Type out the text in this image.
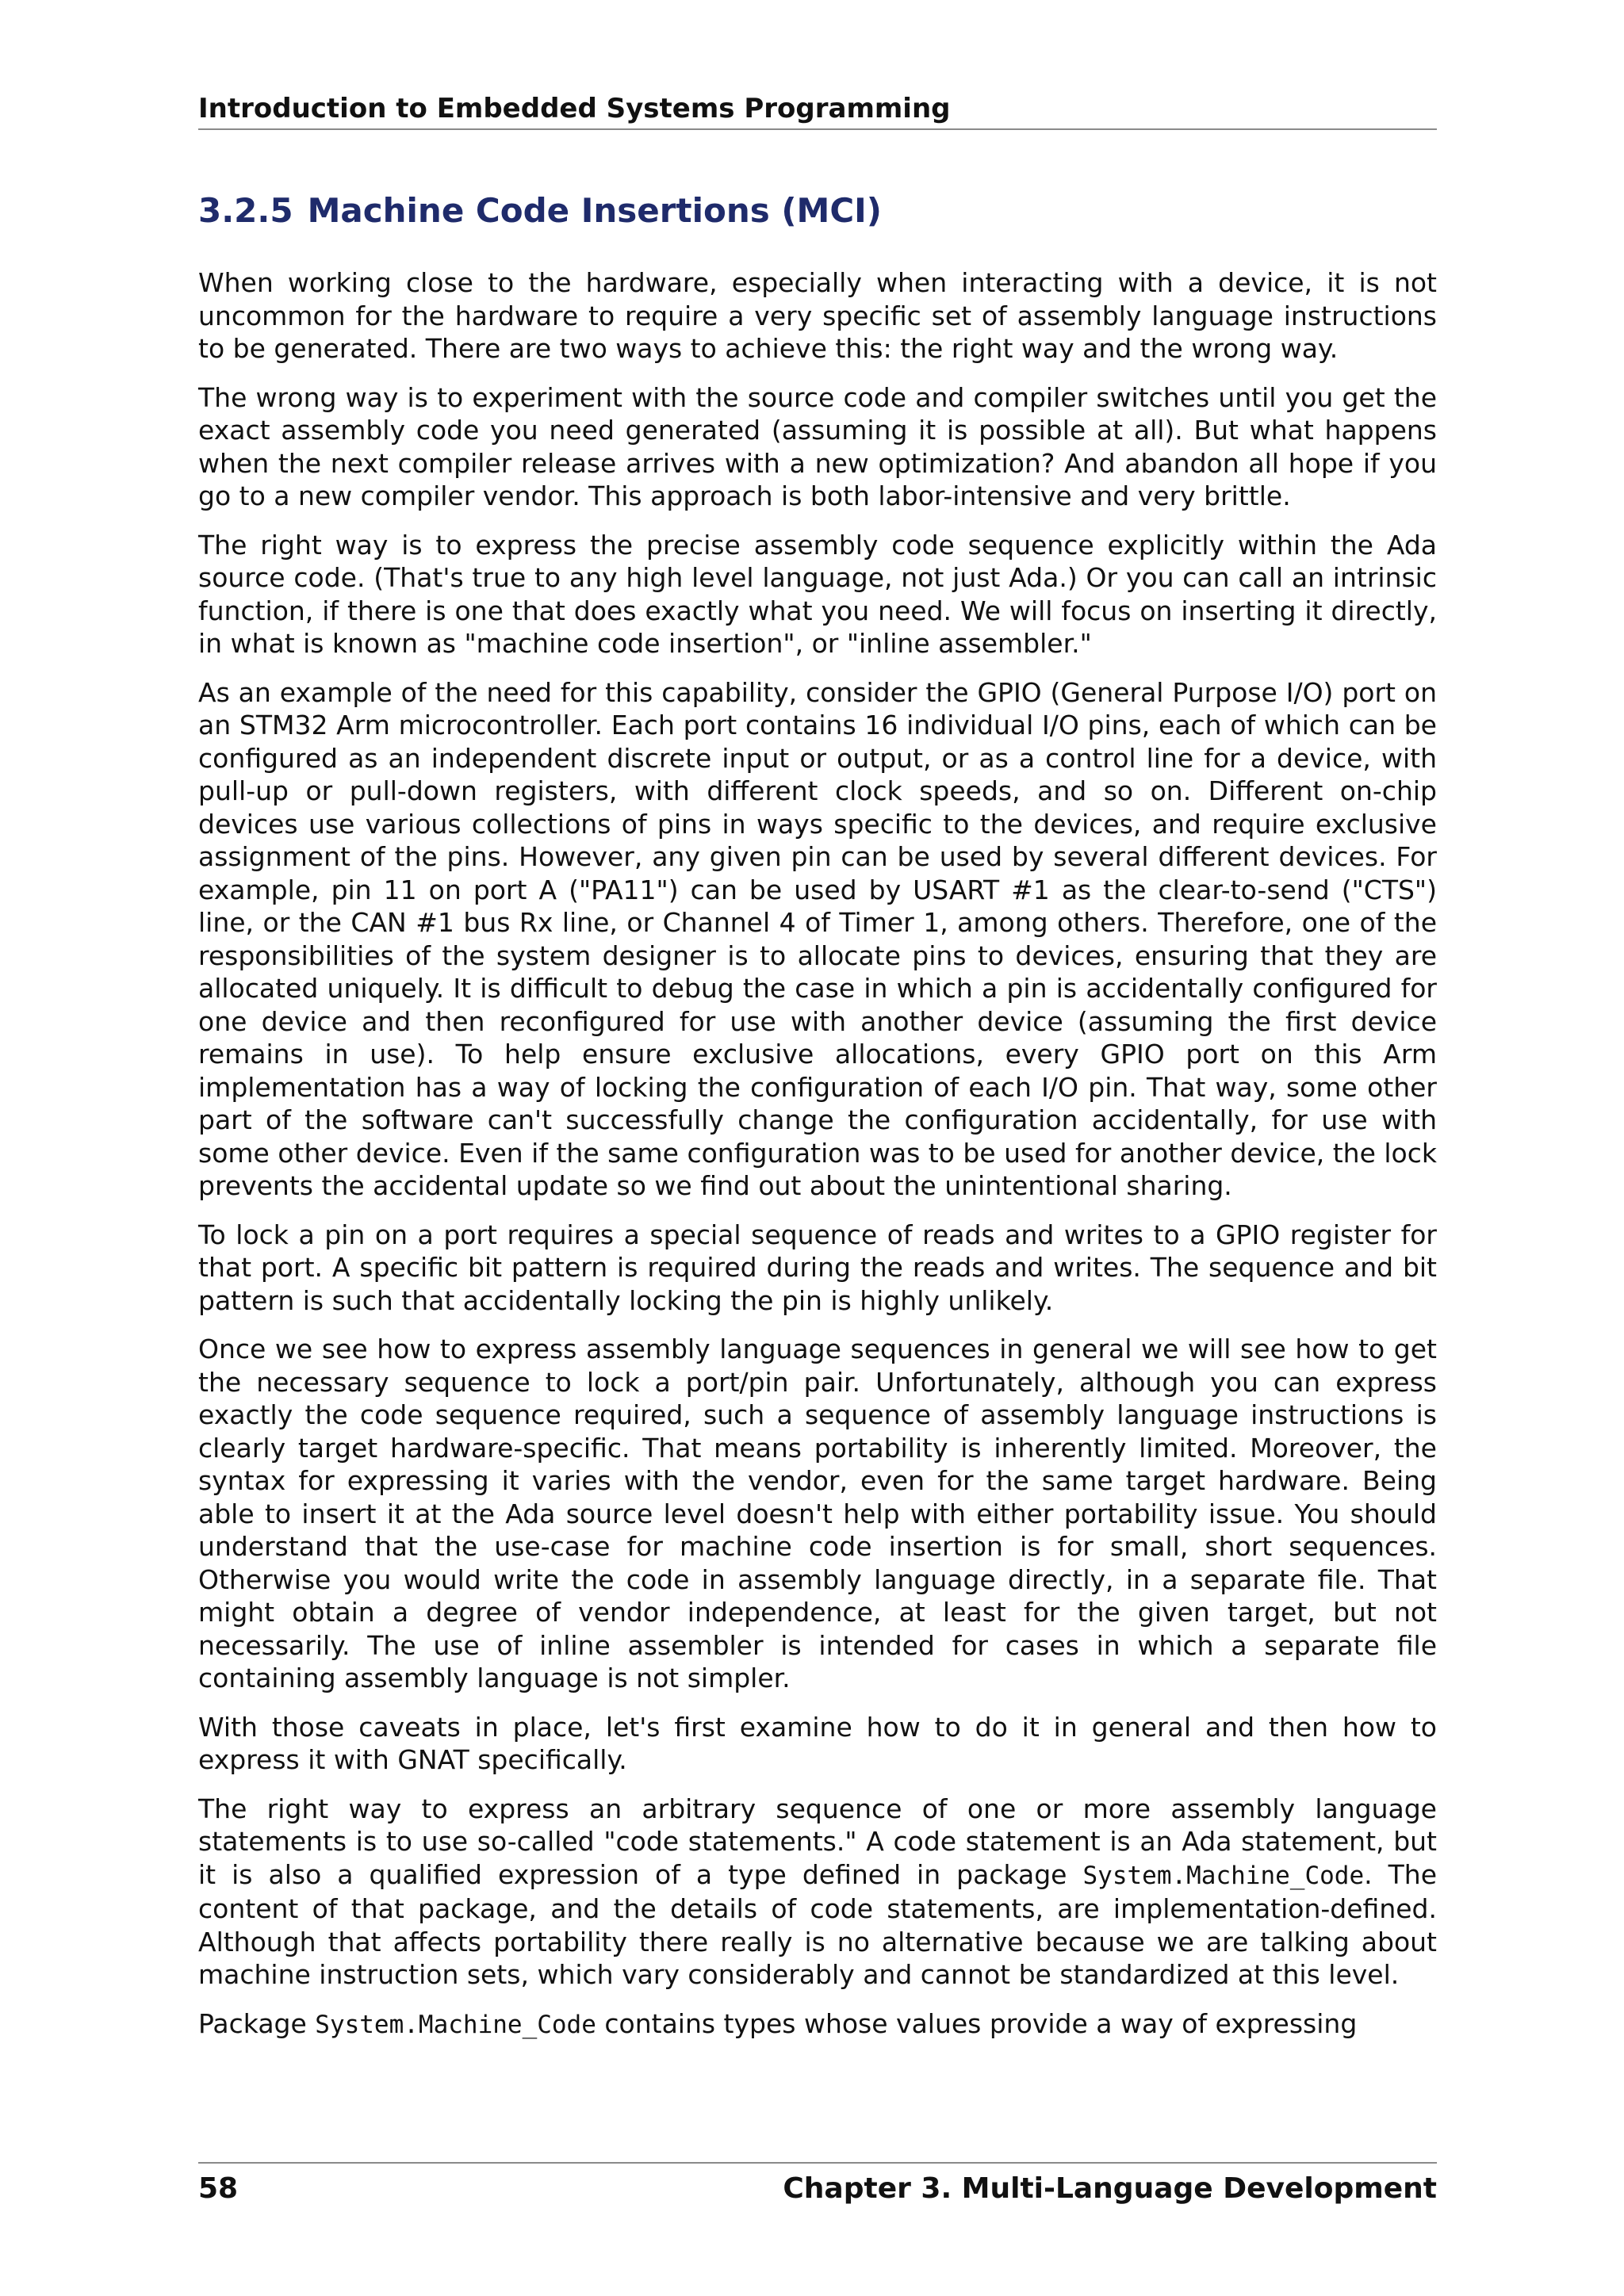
Introduction to Embedded Systems Programming
3.2.5 Machine Code Insertions (MCI)

When working close to the hardware, especially when interacting with a device, it is not uncommon for the hardware to require a very specific set of assembly language instructions to be generated. There are two ways to achieve this: the right way and the wrong way.

The wrong way is to experiment with the source code and compiler switches until you get the exact assembly code you need generated (assuming it is possible at all). But what happens when the next compiler release arrives with a new optimization? And abandon all hope if you go to a new compiler vendor. This approach is both labor-intensive and very brittle.

The right way is to express the precise assembly code sequence explicitly within the Ada source code. (That's true to any high level language, not just Ada.) Or you can call an intrinsic function, if there is one that does exactly what you need. We will focus on inserting it directly, in what is known as "machine code insertion", or "inline assembler."

As an example of the need for this capability, consider the GPIO (General Purpose I/O) port on an STM32 Arm microcontroller. Each port contains 16 individual I/O pins, each of which can be configured as an independent discrete input or output, or as a control line for a device, with pull-up or pull-down registers, with different clock speeds, and so on. Different on-chip devices use various collections of pins in ways specific to the devices, and require exclusive assignment of the pins. However, any given pin can be used by several different devices. For example, pin 11 on port A ("PA11") can be used by USART #1 as the clear-to-send ("CTS") line, or the CAN #1 bus Rx line, or Channel 4 of Timer 1, among others. Therefore, one of the responsibilities of the system designer is to allocate pins to devices, ensuring that they are allocated uniquely. It is difficult to debug the case in which a pin is accidentally configured for one device and then reconfigured for use with another device (assuming the first device remains in use). To help ensure exclusive allocations, every GPIO port on this Arm implementation has a way of locking the configuration of each I/O pin. That way, some other part of the software can't successfully change the configuration accidentally, for use with some other device. Even if the same configuration was to be used for another device, the lock prevents the accidental update so we find out about the unintentional sharing.

To lock a pin on a port requires a special sequence of reads and writes to a GPIO register for that port. A specific bit pattern is required during the reads and writes. The sequence and bit pattern is such that accidentally locking the pin is highly unlikely.

Once we see how to express assembly language sequences in general we will see how to get the necessary sequence to lock a port/pin pair. Unfortunately, although you can express exactly the code sequence required, such a sequence of assembly language instructions is clearly target hardware-specific. That means portability is inherently limited. Moreover, the syntax for expressing it varies with the vendor, even for the same target hardware. Being able to insert it at the Ada source level doesn't help with either portability issue. You should understand that the use-case for machine code insertion is for small, short sequences. Otherwise you would write the code in assembly language directly, in a separate file. That might obtain a degree of vendor independence, at least for the given target, but not necessarily. The use of inline assembler is intended for cases in which a separate file containing assembly language is not simpler.

With those caveats in place, let's first examine how to do it in general and then how to express it with GNAT specifically.

The right way to express an arbitrary sequence of one or more assembly language statements is to use so-called "code statements." A code statement is an Ada statement, but it is also a qualified expression of a type defined in package System.Machine_Code. The content of that package, and the details of code statements, are implementation-defined. Although that affects portability there really is no alternative because we are talking about machine instruction sets, which vary considerably and cannot be standardized at this level.

Package System.Machine_Code contains types whose values provide a way of expressing

58	Chapter 3. Multi-Language Development
